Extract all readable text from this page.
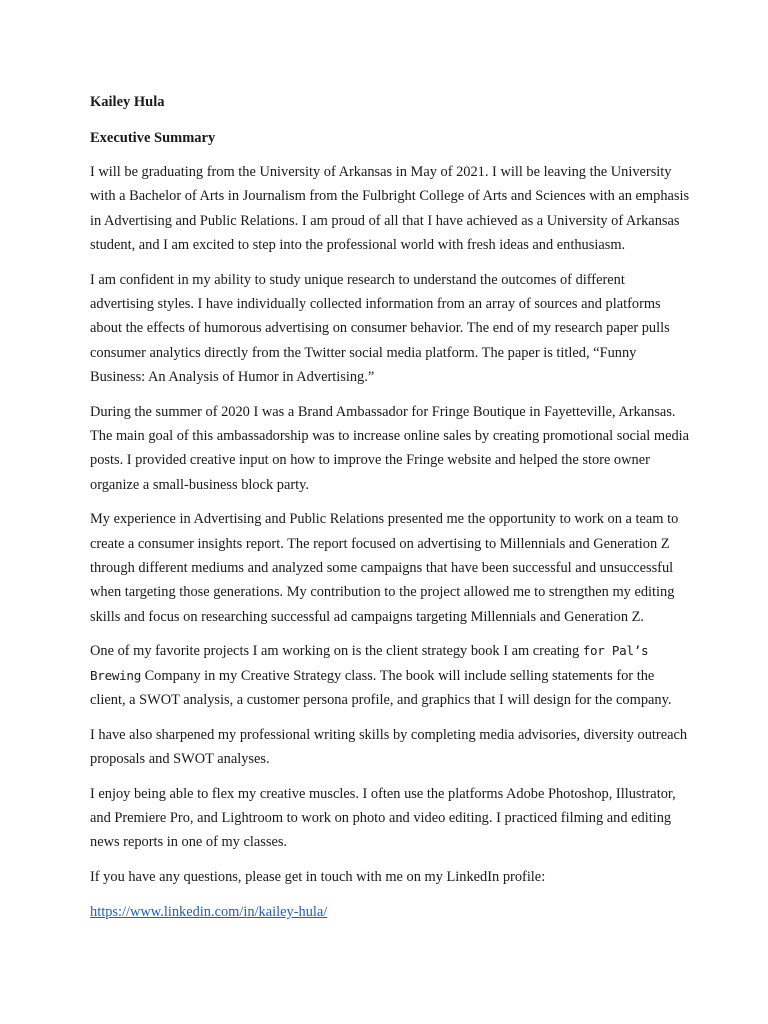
Kailey Hula

Executive Summary

I will be graduating from the University of Arkansas in May of 2021. I will be leaving the University with a Bachelor of Arts in Journalism from the Fulbright College of Arts and Sciences with an emphasis in Advertising and Public Relations. I am proud of all that I have achieved as a University of Arkansas student, and I am excited to step into the professional world with fresh ideas and enthusiasm.

I am confident in my ability to study unique research to understand the outcomes of different advertising styles. I have individually collected information from an array of sources and platforms about the effects of humorous advertising on consumer behavior. The end of my research paper pulls consumer analytics directly from the Twitter social media platform. The paper is titled, “Funny Business: An Analysis of Humor in Advertising.”

During the summer of 2020 I was a Brand Ambassador for Fringe Boutique in Fayetteville, Arkansas. The main goal of this ambassadorship was to increase online sales by creating promotional social media posts. I provided creative input on how to improve the Fringe website and helped the store owner organize a small-business block party.

My experience in Advertising and Public Relations presented me the opportunity to work on a team to create a consumer insights report. The report focused on advertising to Millennials and Generation Z through different mediums and analyzed some campaigns that have been successful and unsuccessful when targeting those generations. My contribution to the project allowed me to strengthen my editing skills and focus on researching successful ad campaigns targeting Millennials and Generation Z.

One of my favorite projects I am working on is the client strategy book I am creating for Pal’s Brewing Company in my Creative Strategy class. The book will include selling statements for the client, a SWOT analysis, a customer persona profile, and graphics that I will design for the company.

I have also sharpened my professional writing skills by completing media advisories, diversity outreach proposals and SWOT analyses.

I enjoy being able to flex my creative muscles. I often use the platforms Adobe Photoshop, Illustrator, and Premiere Pro, and Lightroom to work on photo and video editing. I practiced filming and editing news reports in one of my classes.

If you have any questions, please get in touch with me on my LinkedIn profile:

https://www.linkedin.com/in/kailey-hula/
